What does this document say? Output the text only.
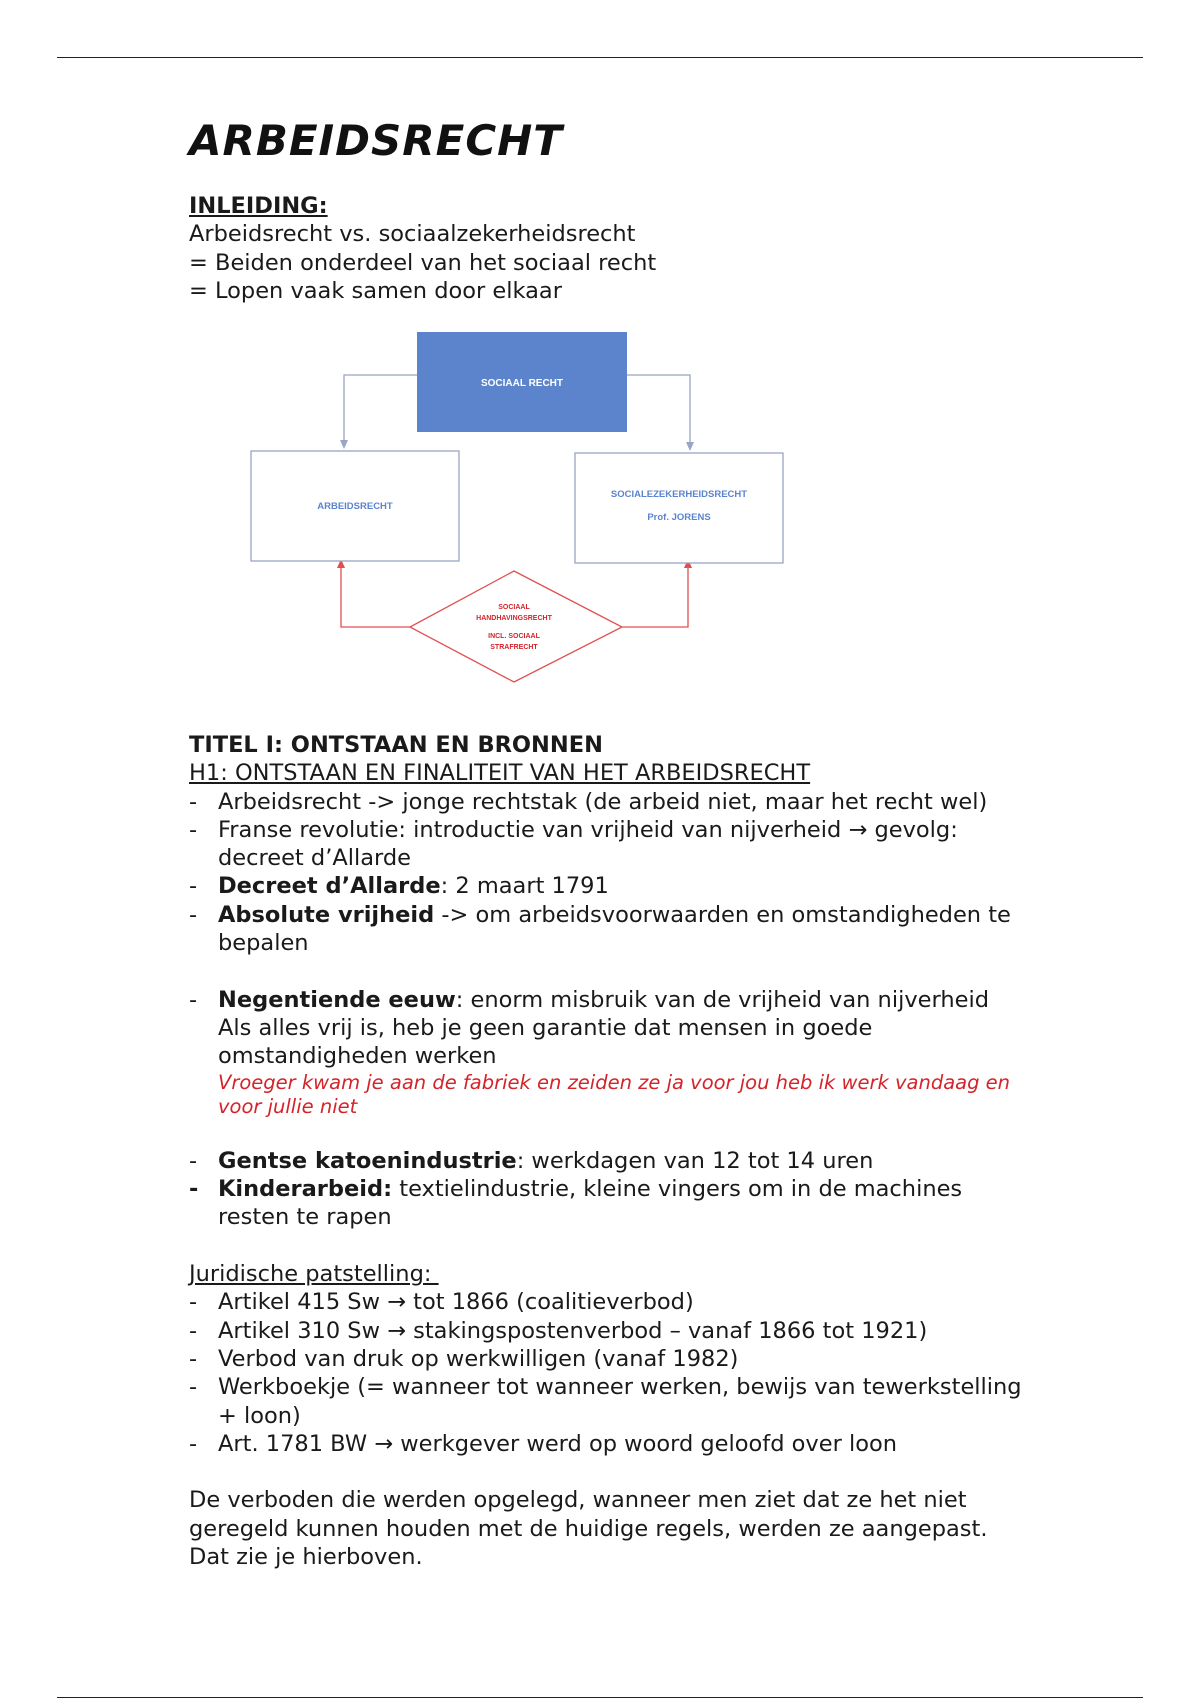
ARBEIDSRECHT
INLEIDING:
Arbeidsrecht vs. sociaalzekerheidsrecht
= Beiden onderdeel van het sociaal recht
= Lopen vaak samen door elkaar
SOCIAAL RECHT
ARBEIDSRECHT
SOCIALEZEKERHEIDSRECHT
Prof. JORENS
SOCIAAL
HANDHAVINGSRECHT
INCL. SOCIAAL
STRAFRECHT
TITEL I: ONTSTAAN EN BRONNEN
H1: ONTSTAAN EN FINALITEIT VAN HET ARBEIDSRECHT
- Arbeidsrecht -> jonge rechtstak (de arbeid niet, maar het recht wel)
- Franse revolutie: introductie van vrijheid van nijverheid → gevolg:
decreet d’Allarde
- Decreet d’Allarde: 2 maart 1791
- Absolute vrijheid -> om arbeidsvoorwaarden en omstandigheden te
bepalen
- Negentiende eeuw: enorm misbruik van de vrijheid van nijverheid
Als alles vrij is, heb je geen garantie dat mensen in goede
omstandigheden werken
Vroeger kwam je aan de fabriek en zeiden ze ja voor jou heb ik werk vandaag en
voor jullie niet
- Gentse katoenindustrie: werkdagen van 12 tot 14 uren
- Kinderarbeid: textielindustrie, kleine vingers om in de machines
resten te rapen
Juridische patstelling:
- Artikel 415 Sw → tot 1866 (coalitieverbod)
- Artikel 310 Sw → stakingspostenverbod – vanaf 1866 tot 1921)
- Verbod van druk op werkwilligen (vanaf 1982)
- Werkboekje (= wanneer tot wanneer werken, bewijs van tewerkstelling
+ loon)
- Art. 1781 BW → werkgever werd op woord geloofd over loon
De verboden die werden opgelegd, wanneer men ziet dat ze het niet
geregeld kunnen houden met de huidige regels, werden ze aangepast.
Dat zie je hierboven.
